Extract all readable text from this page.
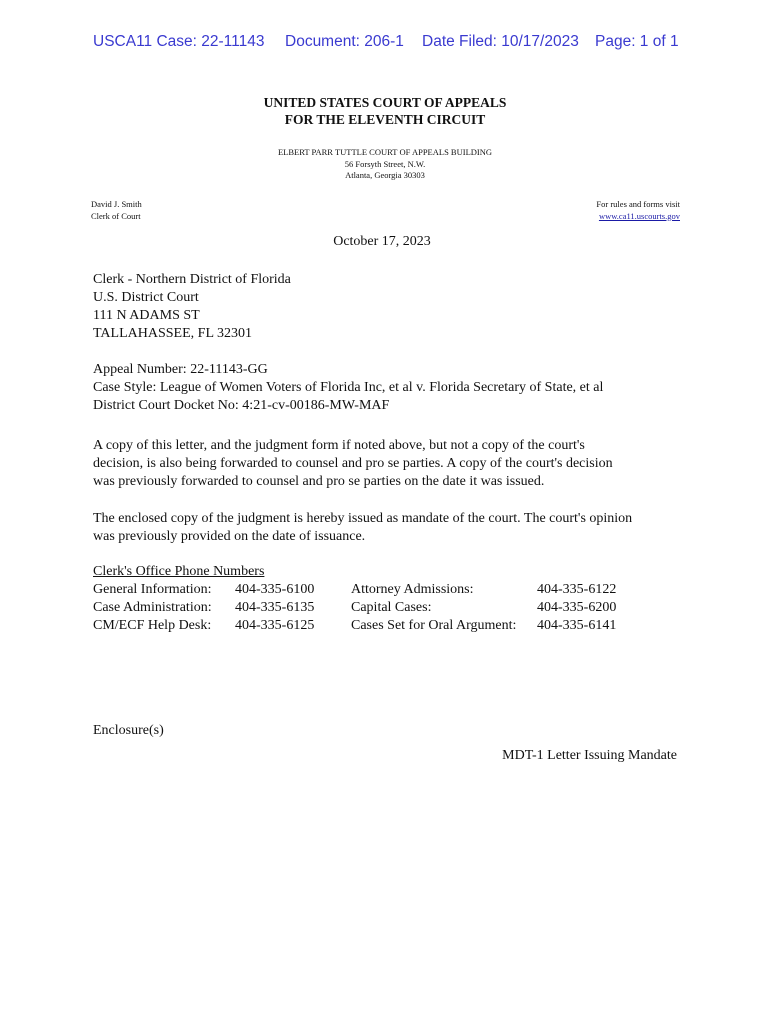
USCA11 Case: 22-11143 Document: 206-1 Date Filed: 10/17/2023 Page: 1 of 1
UNITED STATES COURT OF APPEALS
FOR THE ELEVENTH CIRCUIT
ELBERT PARR TUTTLE COURT OF APPEALS BUILDING
56 Forsyth Street, N.W.
Atlanta, Georgia 30303
David J. Smith
Clerk of Court
For rules and forms visit
www.ca11.uscourts.gov
October 17, 2023
Clerk - Northern District of Florida
U.S. District Court
111 N ADAMS ST
TALLAHASSEE, FL 32301
Appeal Number: 22-11143-GG
Case Style: League of Women Voters of Florida Inc, et al v. Florida Secretary of State, et al
District Court Docket No: 4:21-cv-00186-MW-MAF
A copy of this letter, and the judgment form if noted above, but not a copy of the court's
decision, is also being forwarded to counsel and pro se parties. A copy of the court's decision
was previously forwarded to counsel and pro se parties on the date it was issued.
The enclosed copy of the judgment is hereby issued as mandate of the court. The court's opinion
was previously provided on the date of issuance.
Clerk's Office Phone Numbers
General Information: 404-335-6100	Attorney Admissions:	404-335-6122
Case Administration: 404-335-6135	Capital Cases:	404-335-6200
CM/ECF Help Desk: 404-335-6125	Cases Set for Oral Argument: 404-335-6141
Enclosure(s)
MDT-1 Letter Issuing Mandate
